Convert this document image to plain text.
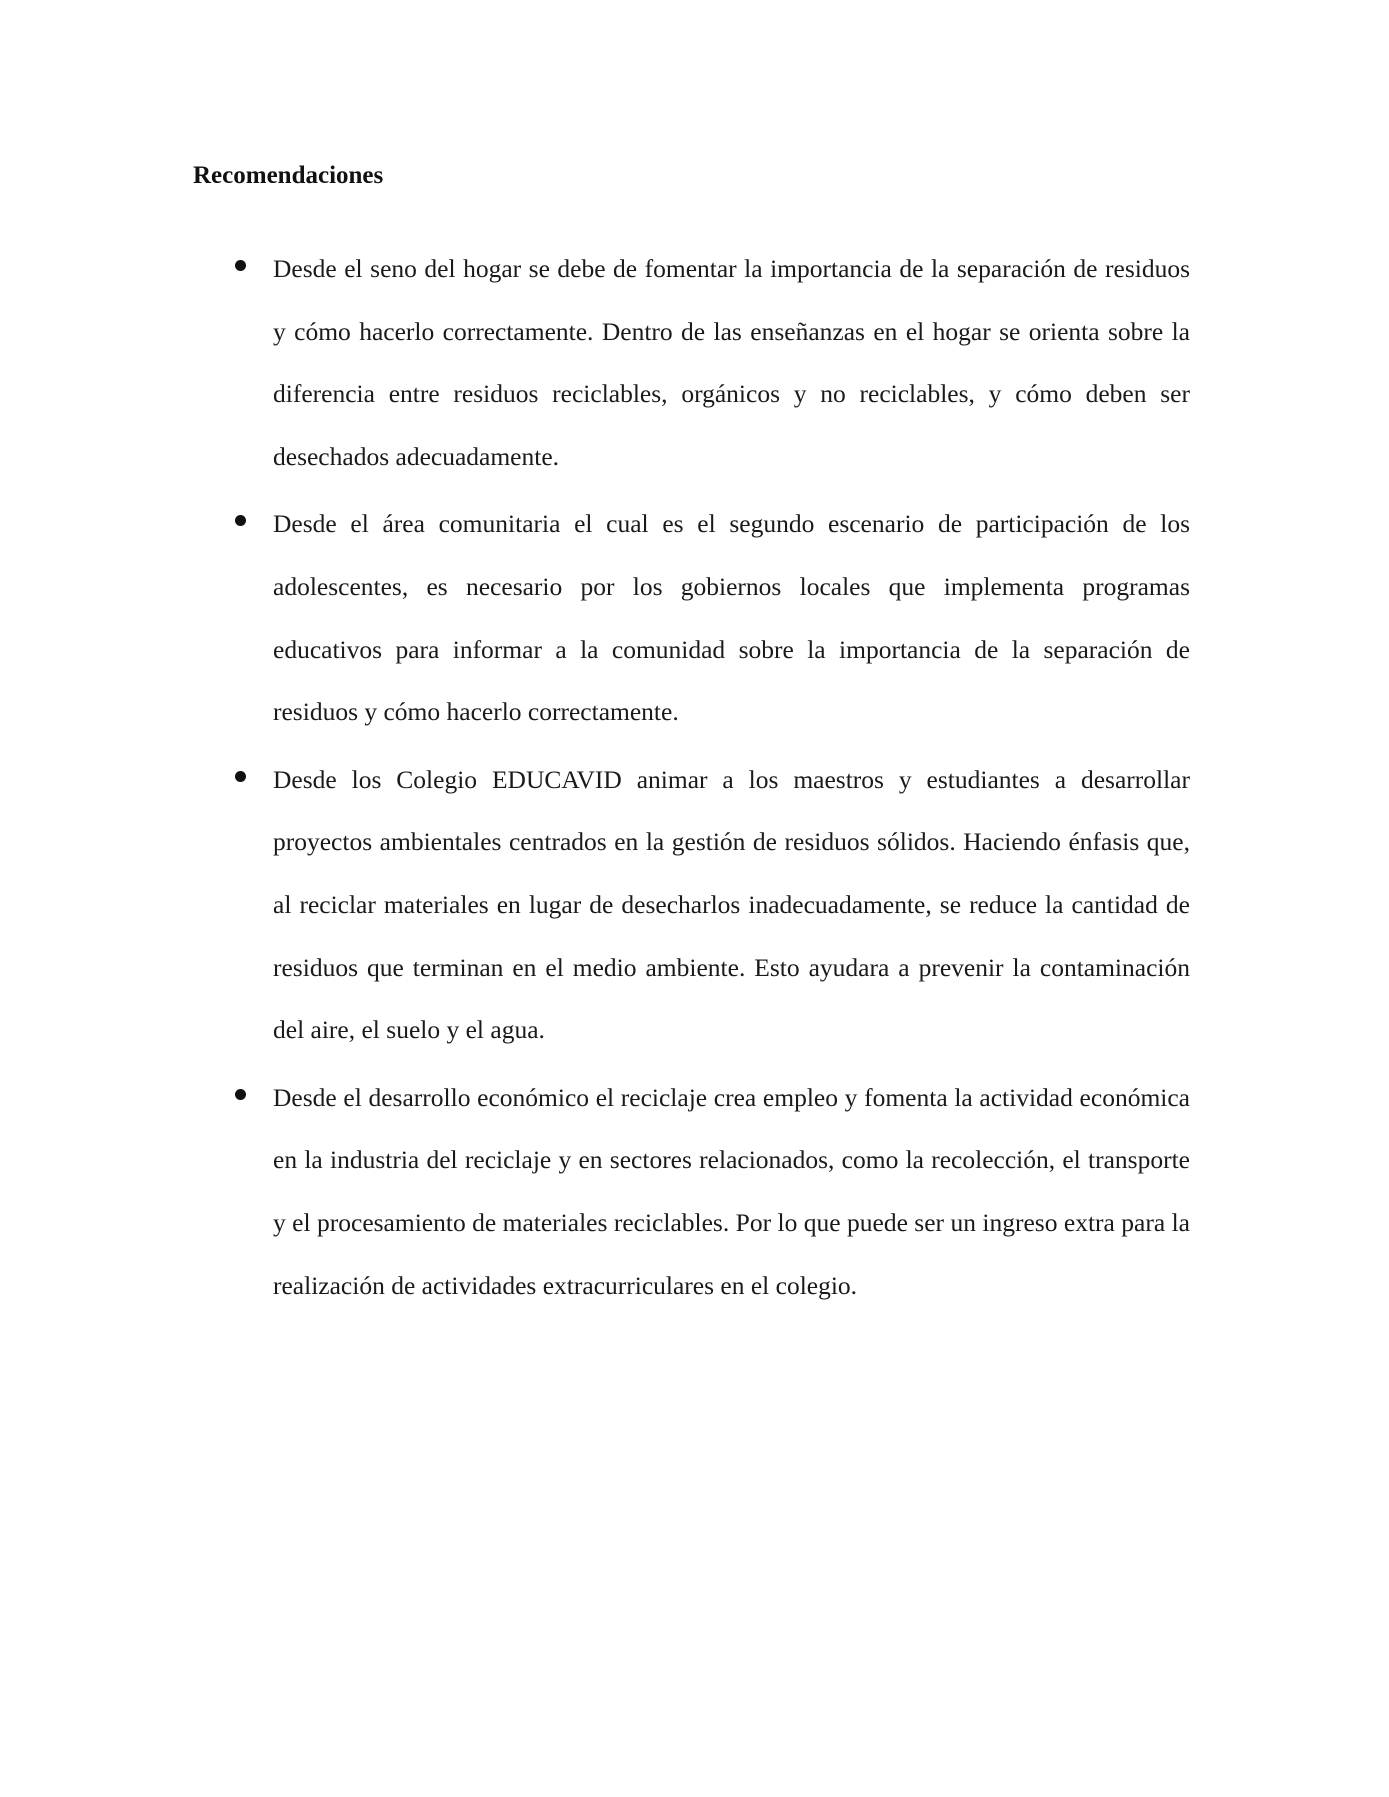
Recomendaciones
Desde el seno del hogar se debe de fomentar la importancia de la separación de residuos y cómo hacerlo correctamente. Dentro de las enseñanzas en el hogar se orienta sobre la diferencia entre residuos reciclables, orgánicos y no reciclables, y cómo deben ser desechados adecuadamente.
Desde el área comunitaria el cual es el segundo escenario de participación de los adolescentes, es necesario por los gobiernos locales que implementa programas educativos para informar a la comunidad sobre la importancia de la separación de residuos y cómo hacerlo correctamente.
Desde los Colegio EDUCAVID animar a los maestros y estudiantes a desarrollar proyectos ambientales centrados en la gestión de residuos sólidos. Haciendo énfasis que, al reciclar materiales en lugar de desecharlos inadecuadamente, se reduce la cantidad de residuos que terminan en el medio ambiente. Esto ayudara a prevenir la contaminación del aire, el suelo y el agua.
Desde el desarrollo económico el reciclaje crea empleo y fomenta la actividad económica en la industria del reciclaje y en sectores relacionados, como la recolección, el transporte y el procesamiento de materiales reciclables. Por lo que puede ser un ingreso extra para la realización de actividades extracurriculares en el colegio.
